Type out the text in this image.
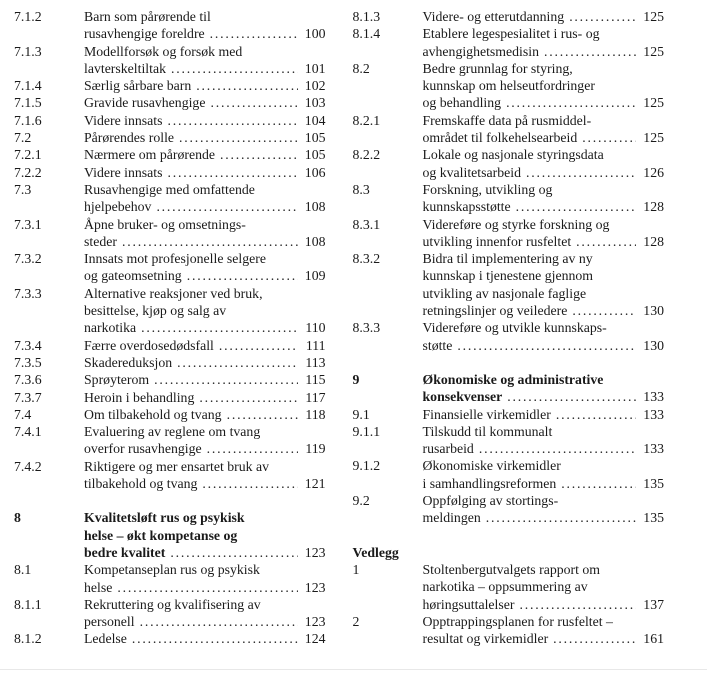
7.1.2	Barn som pårørende til
rusavhengige foreldre .....	100
7.1.3	Modellforsøk og forsøk med
lavterskeltiltak .....	101
7.1.4	Særlig sårbare barn .....	102
7.1.5	Gravide rusavhengige .....	103
7.1.6	Videre innsats .....	104
7.2	Pårørendes rolle .....	105
7.2.1	Nærmere om pårørende .....	105
7.2.2	Videre innsats .....	106
7.3	Rusavhengige med omfattende
hjelpebehov .....	108
7.3.1	Åpne bruker- og omsetnings-
steder .....	108
7.3.2	Innsats mot profesjonelle selgere
og gateomsetning .....	109
7.3.3	Alternative reaksjoner ved bruk,
besittelse, kjøp og salg av
narkotika .....	110
7.3.4	Færre overdosedødsfall .....	111
7.3.5	Skadereduksjon .....	113
7.3.6	Sprøyterom .....	115
7.3.7	Heroin i behandling .....	117
7.4	Om tilbakehold og tvang .....	118
7.4.1	Evaluering av reglene om tvang
overfor rusavhengige .....	119
7.4.2	Riktigere og mer ensartet bruk av
tilbakehold og tvang .....	121
8	Kvalitetsløft rus og psykisk
helse – økt kompetanse og
bedre kvalitet .....	123
8.1	Kompetanseplan rus og psykisk
helse .....	123
8.1.1	Rekruttering og kvalifisering av
personell .....	123
8.1.2	Ledelse .....	124
8.1.3	Videre- og etterutdanning .....	125
8.1.4	Etablere legespesialitet i rus- og
avhengighetsmedisin .....	125
8.2	Bedre grunnlag for styring,
kunnskap om helseutfordringer
og behandling .....	125
8.2.1	Fremskaffe data på rusmiddel-
området til folkehelsearbeid .....	125
8.2.2	Lokale og nasjonale styringsdata
og kvalitetsarbeid .....	126
8.3	Forskning, utvikling og
kunnskapsstøtte .....	128
8.3.1	Videreføre og styrke forskning og
utvikling innenfor rusfeltet .....	128
8.3.2	Bidra til implementering av ny
kunnskap i tjenestene gjennom
utvikling av nasjonale faglige
retningslinjer og veiledere .....	130
8.3.3	Videreføre og utvikle kunnskaps-
støtte .....	130
9	Økonomiske og administrative
konsekvenser .....	133
9.1	Finansielle virkemidler .....	133
9.1.1	Tilskudd til kommunalt
rusarbeid .....	133
9.1.2	Økonomiske virkemidler
i samhandlingsreformen .....	135
9.2	Oppfølging av stortings-
meldingen .....	135
Vedlegg
1	Stoltenbergutvalgets rapport om
narkotika – oppsummering av
høringsuttalelser .....	137
2	Opptrappingsplanen for rusfeltet –
resultat og virkemidler .....	161
